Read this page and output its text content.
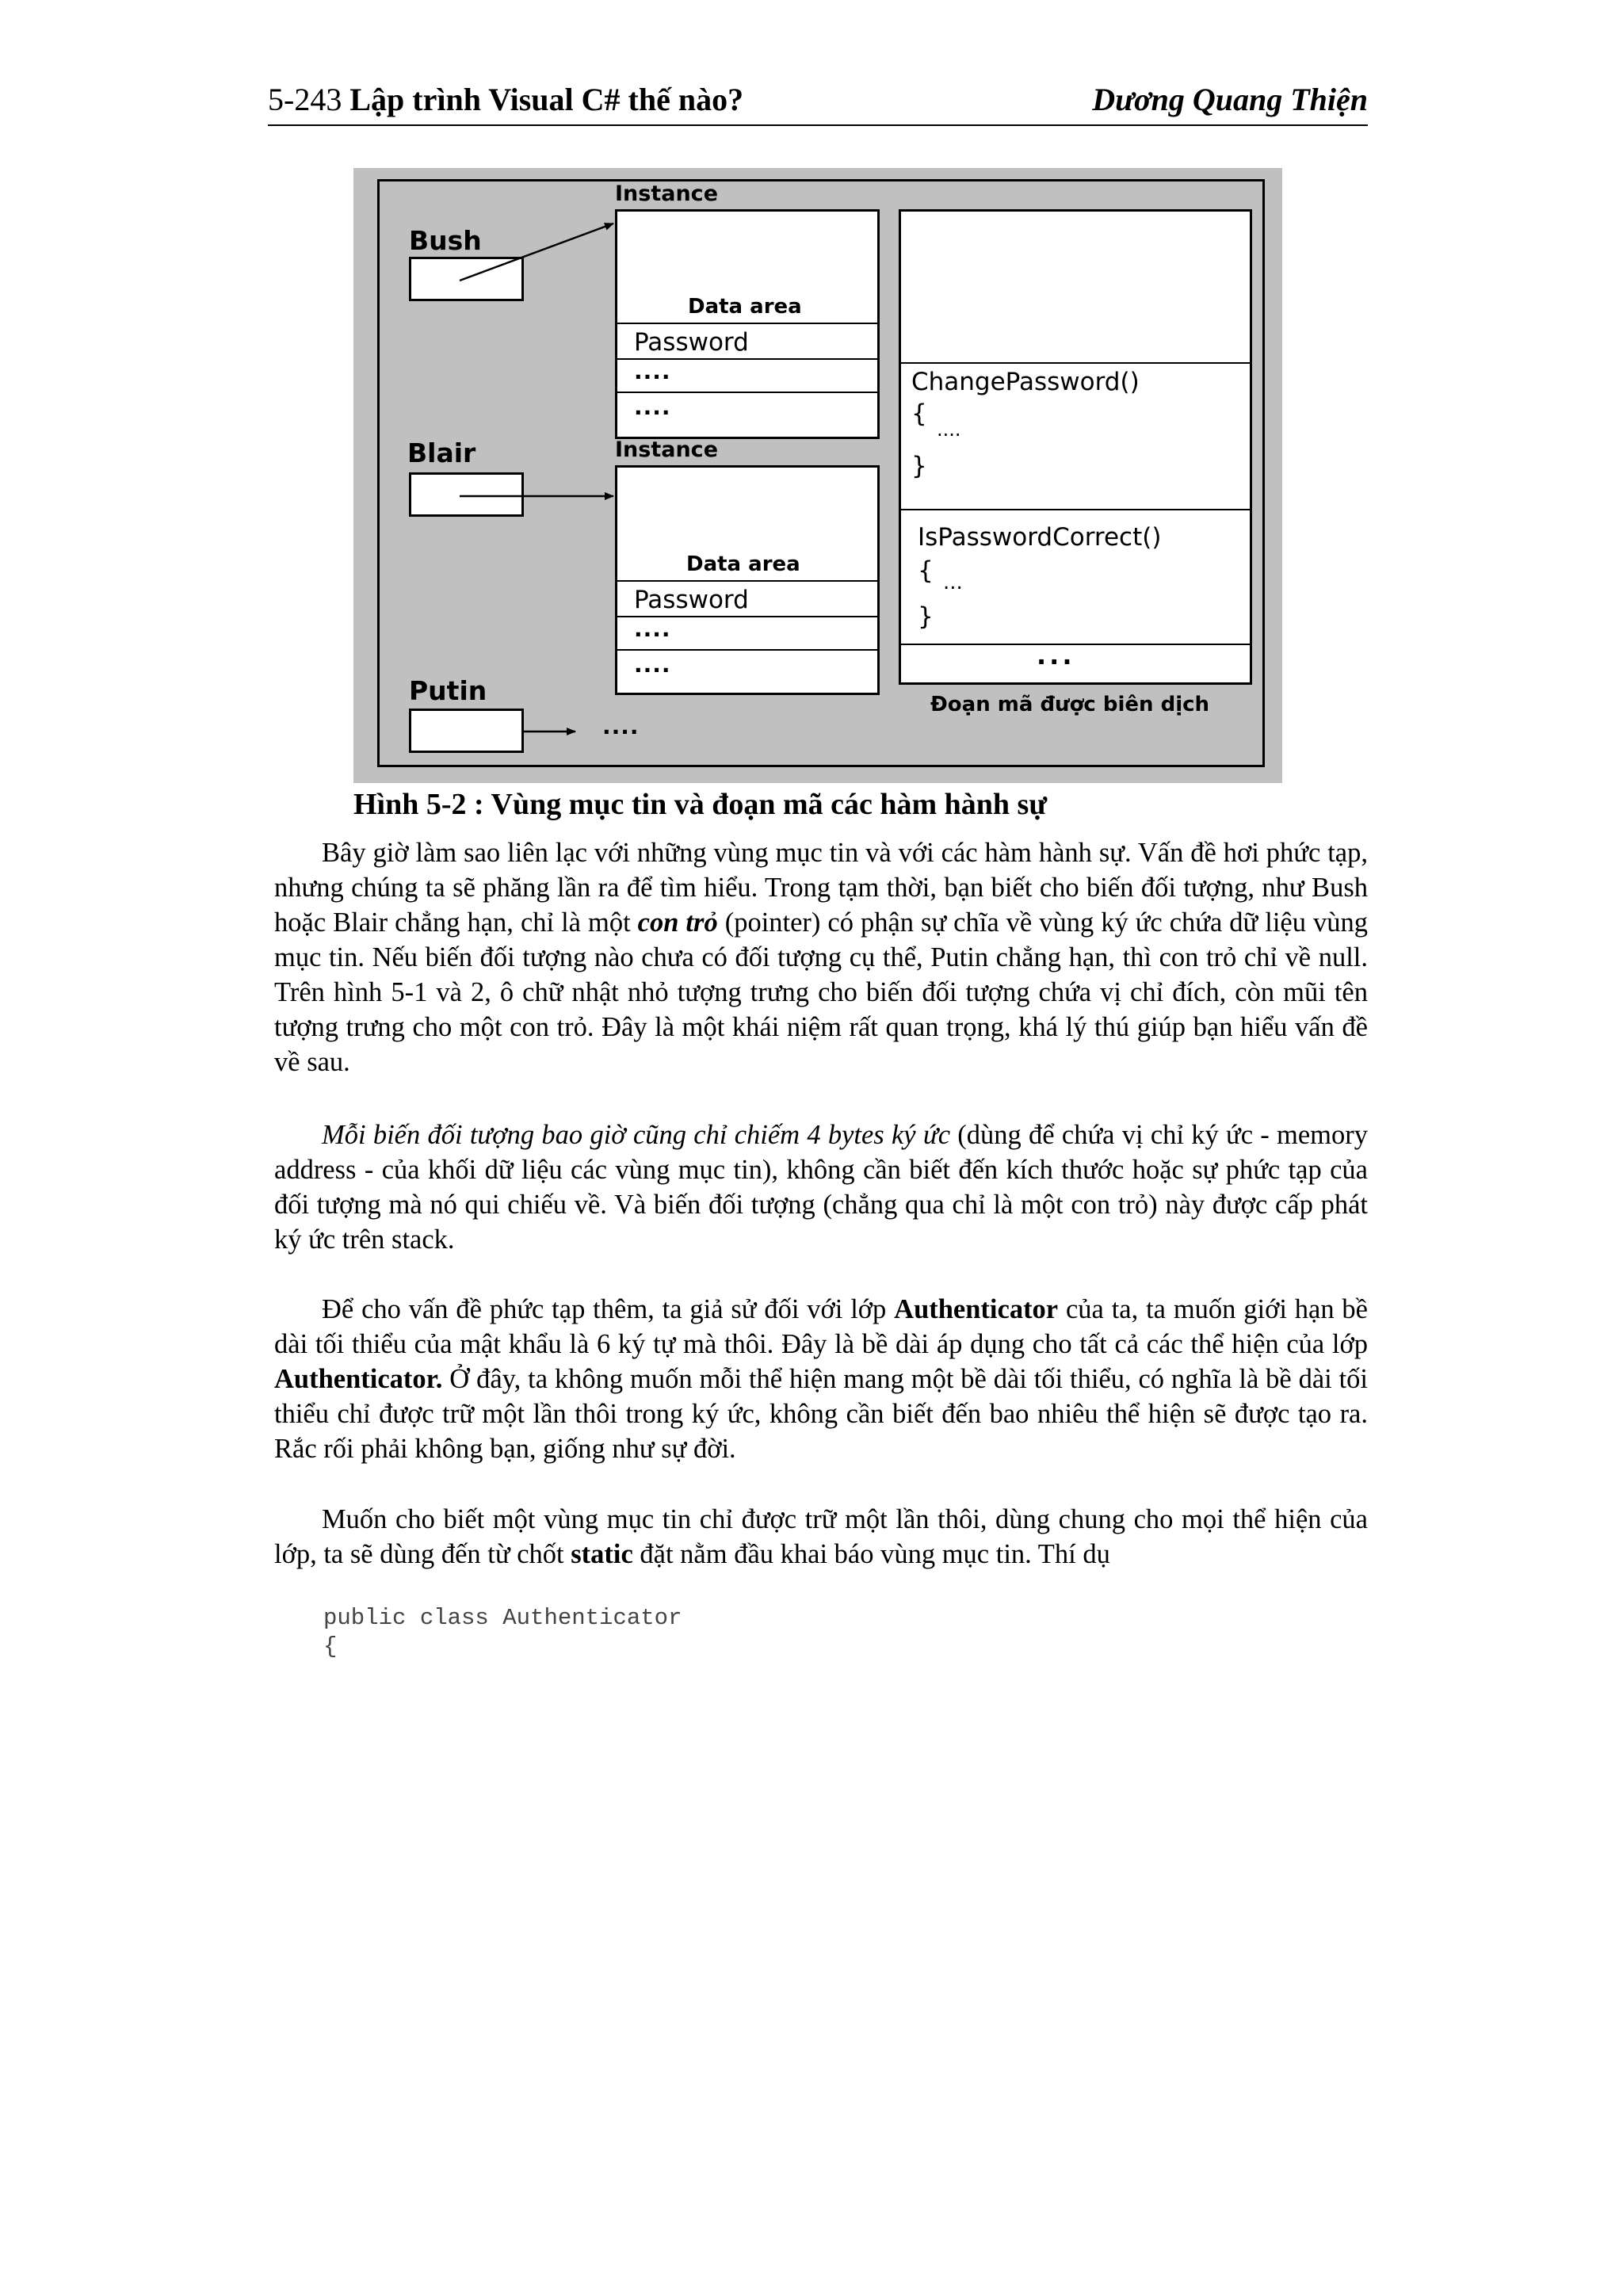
5-243 Lập trình Visual C# thế nào?	Dương Quang Thiện
Instance
Data area
Password
....
....
Instance
Data area
Password
....
....
Bush
Blair
Putin
....
ChangePassword()
{
....
}
IsPasswordCorrect()
{ ...
}
...
Đoạn mã được biên dịch
Hình 5-2 : Vùng mục tin và đoạn mã các hàm hành sự

Bây giờ làm sao liên lạc với những vùng mục tin và với các hàm hành sự. Vấn đề hơi phức tạp, nhưng chúng ta sẽ phăng lần ra để tìm hiểu. Trong tạm thời, bạn biết cho biến đối tượng, như Bush hoặc Blair chẳng hạn, chỉ là một con trỏ (pointer) có phận sự chĩa về vùng ký ức chứa dữ liệu vùng mục tin. Nếu biến đối tượng nào chưa có đối tượng cụ thể, Putin chẳng hạn, thì con trỏ chỉ về null. Trên hình 5-1 và 2, ô chữ nhật nhỏ tượng trưng cho biến đối tượng chứa vị chỉ đích, còn mũi tên tượng trưng cho một con trỏ. Đây là một khái niệm rất quan trọng, khá lý thú giúp bạn hiểu vấn đề về sau.

Mỗi biến đối tượng bao giờ cũng chỉ chiếm 4 bytes ký ức (dùng để chứa vị chỉ ký ức - memory address - của khối dữ liệu các vùng mục tin), không cần biết đến kích thước hoặc sự phức tạp của đối tượng mà nó qui chiếu về. Và biến đối tượng (chẳng qua chỉ là một con trỏ) này được cấp phát ký ức trên stack.

Để cho vấn đề phức tạp thêm, ta giả sử đối với lớp Authenticator của ta, ta muốn giới hạn bề dài tối thiểu của mật khẩu là 6 ký tự mà thôi. Đây là bề dài áp dụng cho tất cả các thể hiện của lớp Authenticator. Ở đây, ta không muốn mỗi thể hiện mang một bề dài tối thiểu, có nghĩa là bề dài tối thiểu chỉ được trữ một lần thôi trong ký ức, không cần biết đến bao nhiêu thể hiện sẽ được tạo ra. Rắc rối phải không bạn, giống như sự đời.

Muốn cho biết một vùng mục tin chỉ được trữ một lần thôi, dùng chung cho mọi thể hiện của lớp, ta sẽ dùng đến từ chốt static đặt nằm đầu khai báo vùng mục tin. Thí dụ

public class Authenticator
{
